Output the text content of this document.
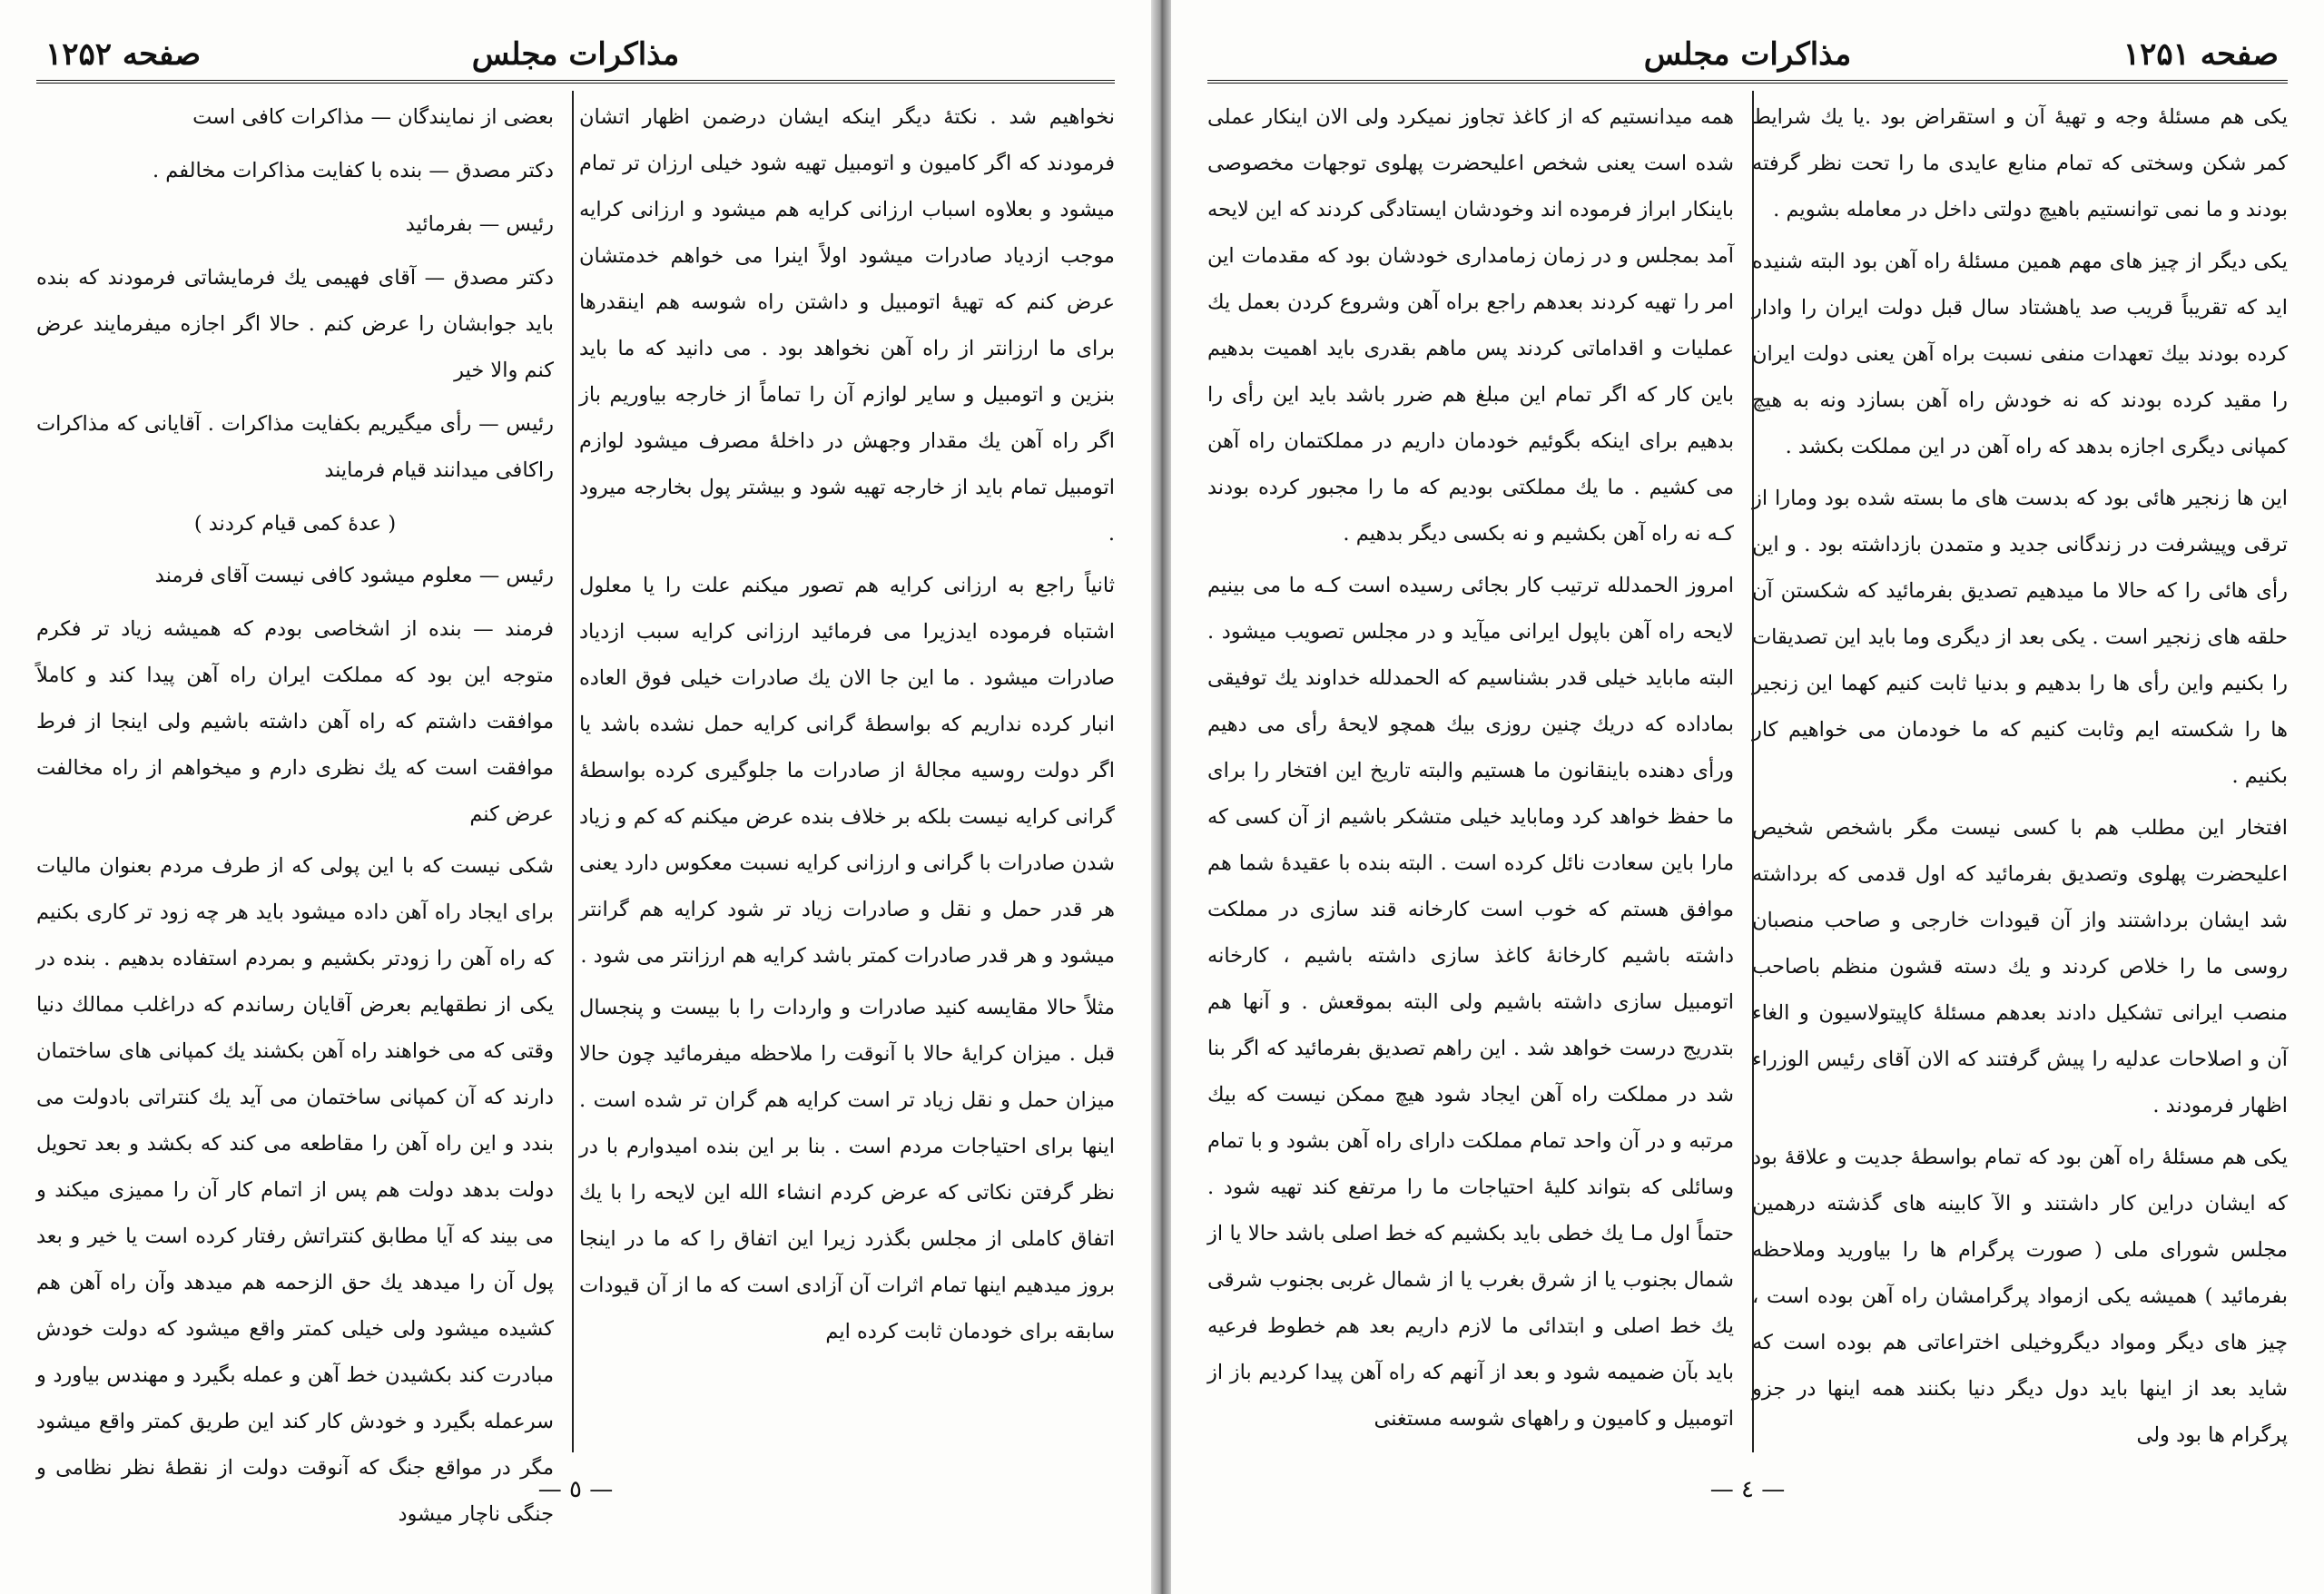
صفحه ۱۲۵۲	مذاکرات مجلس

نخواهیم شد . نکتهٔ دیگر اینکه ایشان درضمن اظهار اتشان فرمودند که اگر کامیون و اتومبیل تهیه شود خیلی ارزان تر تمام میشود و بعلاوه اسباب ارزانی کرایه هم میشود و ارزانی کرایه موجب ازدیاد صادرات میشود اولاً اینرا می خواهم خدمتشان عرض کنم که تهیهٔ اتومبیل و داشتن راه شوسه هم اینقدرها برای ما ارزانتر از راه آهن نخواهد بود . می دانید که ما باید بنزین و اتومبیل و سایر لوازم آن را تماماً از خارجه بیاوریم باز اگر راه آهن یك مقدار وجهش در داخلهٔ مصرف میشود لوازم اتومبیل تمام باید از خارجه تهیه شود و بیشتر پول بخارجه میرود .

ثانیاً راجع به ارزانی کرایه هم تصور میکنم علت را یا معلول اشتباه فرموده ایدزیرا می فرمائید ارزانی کرایه سبب ازدیاد صادرات میشود . ما این جا الان یك صادرات خیلی فوق العاده انبار کرده نداریم که بواسطهٔ گرانی کرایه حمل نشده باشد یا اگر دولت روسیه مجالهٔ از صادرات ما جلوگیری کرده بواسطهٔ گرانی کرایه نیست بلکه بر خلاف بنده عرض میکنم که کم و زیاد شدن صادرات با گرانی و ارزانی کرایه نسبت معکوس دارد یعنی هر قدر حمل و نقل و صادرات زیاد تر شود کرایه هم گرانتر میشود و هر قدر صادرات کمتر باشد کرایه هم ارزانتر می شود .

مثلاً حالا مقایسه کنید صادرات و واردات را با بیست و پنجسال قبل . میزان کرایهٔ حالا با آنوقت را ملاحظه میفرمائید چون حالا میزان حمل و نقل زیاد تر است کرایه هم گران تر شده است . اینها برای احتیاجات مردم است . بنا بر این بنده امیدوارم با در نظر گرفتن نکاتی که عرض کردم انشاء الله این لایحه را با یك اتفاق کاملی از مجلس بگذرد زیرا این اتفاق را که ما در اینجا بروز میدهیم اینها تمام اثرات آن آزادی است که ما از آن قیودات سابقه برای خودمان ثابت کرده ایم

بعضی از نمایندگان — مذاکرات کافی است

دکتر مصدق — بنده با کفایت مذاکرات مخالفم .

رئیس — بفرمائید

دکتر مصدق — آقای فهیمی یك فرمایشاتی فرمودند که بنده باید جوابشان را عرض کنم . حالا اگر اجازه میفرمایند عرض کنم والا خیر

رئیس — رأی میگیریم بکفایت مذاکرات . آقایانی که مذاکرات راکافی میدانند قیام فرمایند

( عدهٔ کمی قیام کردند )

رئیس — معلوم میشود کافی نیست آقای فرمند

فرمند — بنده از اشخاصی بودم که همیشه زیاد تر فکرم متوجه این بود که مملکت ایران راه آهن پیدا کند و کاملاً موافقت داشتم که راه آهن داشته باشیم ولی اینجا از فرط موافقت است که یك نظری دارم و میخواهم از راه مخالفت عرض کنم

شکی نیست که با این پولی که از طرف مردم بعنوان مالیات برای ایجاد راه آهن داده میشود باید هر چه زود تر کاری بکنیم که راه آهن را زودتر بکشیم و بمردم استفاده بدهیم . بنده در یکی از نطقهایم بعرض آقایان رساندم که دراغلب ممالك دنیا وقتی که می خواهند راه آهن بکشند یك کمپانی های ساختمان دارند که آن کمپانی ساختمان می آید یك کنتراتی بادولت می بندد و این راه آهن را مقاطعه می کند که بکشد و بعد تحویل دولت بدهد دولت هم پس از اتمام کار آن را ممیزی میکند و می بیند که آیا مطابق کنتراتش رفتار کرده است یا خیر و بعد پول آن را میدهد یك حق الزحمه هم میدهد وآن راه آهن هم کشیده میشود ولی خیلی کمتر واقع میشود که دولت خودش مبادرت کند بکشیدن خط آهن و عمله بگیرد و مهندس بیاورد و سرعمله بگیرد و خودش کار کند این طریق کمتر واقع میشود مگر در مواقع جنگ که آنوقت دولت از نقطهٔ نظر نظامی و جنگی ناچار میشود

— ٥ —
صفحه ۱۲۵۱
مذاکرات مجلس

یکی هم مسئلهٔ وجه و تهیهٔ آن و استقراض بود .یا یك شرایط کمر شکن وسختی که تمام منابع عایدی ما را تحت نظر گرفته بودند و ما نمی توانستیم باهیچ دولتی داخل در معامله بشویم .

یکی دیگر از چیز های مهم همین مسئلهٔ راه آهن بود البته شنیده اید که تقریباً قریب صد یاهشتاد سال قبل دولت ایران را وادار کرده بودند بیك تعهدات منفی نسبت براه آهن یعنی دولت ایران را مقید کرده بودند که نه خودش راه آهن بسازد ونه به هیچ کمپانی دیگری اجازه بدهد که راه آهن در این مملکت بکشد .

این ها زنجیر هائی بود که بدست های ما بسته شده بود ومارا از ترقی وپیشرفت در زندگانی جدید و متمدن بازداشته بود . و این رأی هائی را که حالا ما میدهیم تصدیق بفرمائید که شکستن آن حلقه های زنجیر است . یکی بعد از دیگری وما باید این تصدیقات را بکنیم واین رأی ها را بدهیم و بدنیا ثابت کنیم کهما این زنجیر ها را شکسته ایم وثابت کنیم که ما خودمان می خواهیم کار بکنیم .

افتخار این مطلب هم با کسی نیست مگر باشخص شخیص اعلیحضرت پهلوی وتصدیق بفرمائید که اول قدمی که برداشته شد ایشان برداشتند واز آن قیودات خارجی و صاحب منصبان روسی ما را خلاص کردند و یك دسته قشون منظم باصاحب منصب ایرانی تشکیل دادند بعدهم مسئلهٔ کاپیتولاسیون و الغاء آن و اصلاحات عدلیه را پیش گرفتند که الان آقای رئیس الوزراء اظهار فرمودند .

یکی هم مسئلهٔ راه آهن بود که تمام بواسطهٔ جدیت و علاقهٔ بود که ایشان دراین کار داشتند و الآ کابینه های گذشته درهمین مجلس شورای ملی ( صورت پرگرام ها را بیاورید وملاحظه بفرمائید ) همیشه یکی ازمواد پرگرامشان راه آهن بوده است ، چیز های دیگر ومواد دیگروخیلی اختراعاتی هم بوده است که شاید بعد از اینها باید دول دیگر دنیا بکنند همه اینها در جزو پرگرام ها بود ولی

همه میدانستیم که از کاغذ تجاوز نمیکرد ولی الان اینکار عملی شده است یعنی شخص اعلیحضرت پهلوی توجهات مخصوصی باینکار ابراز فرموده اند وخودشان ایستادگی کردند که این لایحه آمد بمجلس و در زمان زمامداری خودشان بود که مقدمات این امر را تهیه کردند بعدهم راجع براه آهن وشروع کردن بعمل یك عملیات و اقداماتی کردند پس ماهم بقدری باید اهمیت بدهیم باین کار که اگر تمام این مبلغ هم ضرر باشد باید این رأی را بدهیم برای اینکه بگوئیم خودمان داریم در مملکتمان راه آهن می کشیم . ما یك مملکتی بودیم که ما را مجبور کرده بودند کـه نه راه آهن بکشیم و نه بکسی دیگر بدهیم .

امروز الحمدلله ترتیب کار بجائی رسیده است کـه ما می بینیم لایحه راه آهن باپول ایرانی میآید و در مجلس تصویب میشود . البته ماباید خیلی قدر بشناسیم که الحمدلله خداوند یك توفیقی بماداده که دریك چنین روزی بیك همچو لایحهٔ رأی می دهیم ورأی دهنده باینقانون ما هستیم والبته تاریخ این افتخار را برای ما حفظ خواهد کرد وماباید خیلی متشکر باشیم از آن کسی که مارا باین سعادت نائل کرده است . البته بنده با عقیدهٔ شما هم موافق هستم که خوب است کارخانه قند سازی در مملکت داشته باشیم کارخانهٔ کاغذ سازی داشته باشیم ، کارخانه اتومبیل سازی داشته باشیم ولی البته بموقعش . و آنها هم بتدریج درست خواهد شد . این راهم تصدیق بفرمائید که اگر بنا شد در مملکت راه آهن ایجاد شود هیچ ممکن نیست که بیك مرتبه و در آن واحد تمام مملکت دارای راه آهن بشود و با تمام وسائلی که بتواند کلیهٔ احتیاجات ما را مرتفع کند تهیه شود . حتماً اول مـا یك خطی باید بکشیم که خط اصلی باشد حالا یا از شمال بجنوب یا از شرق بغرب یا از شمال غربی بجنوب شرقی یك خط اصلی و ابتدائی ما لازم داریم بعد هم خطوط فرعیه باید بآن ضمیمه شود و بعد از آنهم که راه آهن پیدا کردیم باز از اتومبیل و کامیون و راههای شوسه مستغنی

— ٤ —
